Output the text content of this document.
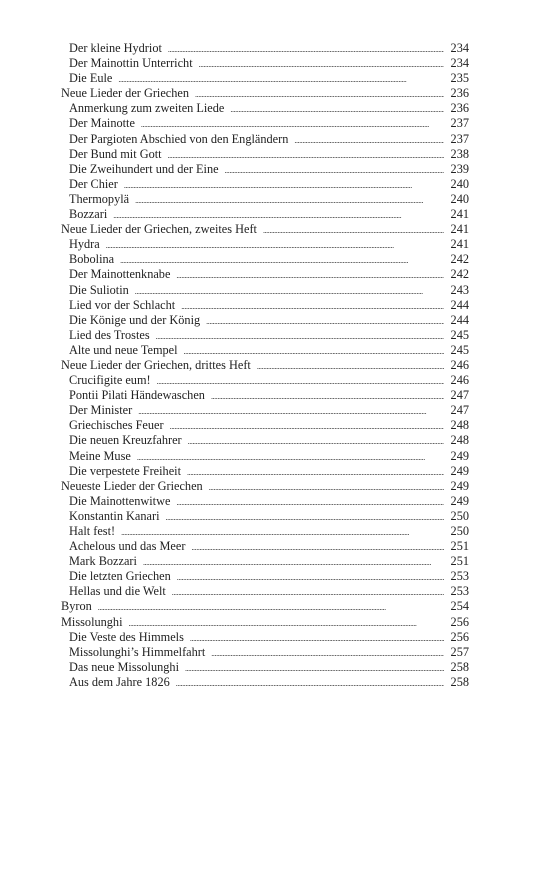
Der kleine Hydriot . . .	234
Der Mainottin Unterricht . . .	234
Die Eule . . .	235
Neue Lieder der Griechen . . .	236
Anmerkung zum zweiten Liede . . .	236
Der Mainotte . . .	237
Der Pargioten Abschied von den Engländern . . .	237
Der Bund mit Gott . . .	238
Die Zweihundert und der Eine . . .	239
Der Chier . . .	240
Thermopylä . . .	240
Bozzari . . .	241
Neue Lieder der Griechen, zweites Heft . . .	241
Hydra . . .	241
Bobolina . . .	242
Der Mainottenknabe . . .	242
Die Suliotin . . .	243
Lied vor der Schlacht . . .	244
Die Könige und der König . . .	244
Lied des Trostes . . .	245
Alte und neue Tempel . . .	245
Neue Lieder der Griechen, drittes Heft . . .	246
Crucifigite eum! . . .	246
Pontii Pilati Händewaschen . . .	247
Der Minister . . .	247
Griechisches Feuer . . .	248
Die neuen Kreuzfahrer . . .	248
Meine Muse . . .	249
Die verpestete Freiheit . . .	249
Neueste Lieder der Griechen . . .	249
Die Mainottenwitwe . . .	249
Konstantin Kanari . . .	250
Halt fest! . . .	250
Achelous und das Meer . . .	251
Mark Bozzari . . .	251
Die letzten Griechen . . .	253
Hellas und die Welt . . .	253
Byron . . .	254
Missolunghi . . .	256
Die Veste des Himmels . . .	256
Missolunghi’s Himmelfahrt . . .	257
Das neue Missolunghi . . .	258
Aus dem Jahre 1826 . . .	258
